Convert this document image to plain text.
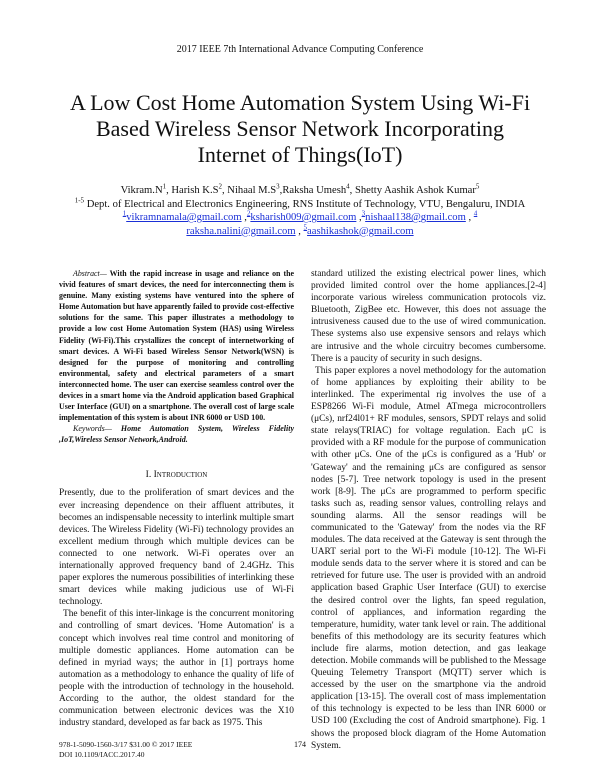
2017 IEEE 7th International Advance Computing Conference
A Low Cost Home Automation System Using Wi-Fi
Based Wireless Sensor Network Incorporating
Internet of Things(IoT)
$Vikram.N^1$, Harish $K.S^2$, Nihaal $M.S^3,Raksha$ Umesh$^4$, Shetty Aashik Ashok Kumar$^5$
$^{1-5}$ Dept. of Electrical and Electronics Engineering, RNS Institute of Technology, VTU, Bengaluru, INDIA
$^1$vikramnamala@gmail.com ,$^2$ksharish009@gmail.com ,$^3$nishaal138@gmail.com , $^4$
raksha.nalini@gmail.com , $^5$aashikashok@gmail.com

Abstract— With the rapid increase in usage and reliance on the vivid features of smart devices, the need for interconnecting them is genuine. Many existing systems have ventured into the sphere of Home Automation but have apparently failed to provide cost-effective solutions for the same. This paper illustrates a methodology to provide a low cost Home Automation System (HAS) using Wireless Fidelity (Wi-Fi).This crystallizes the concept of internetworking of smart devices. A Wi-Fi based Wireless Sensor Network(WSN) is designed for the purpose of monitoring and controlling environmental, safety and electrical parameters of a smart interconnected home. The user can exercise seamless control over the devices in a smart home via the Android application based Graphical User Interface (GUI) on a smartphone. The overall cost of large scale implementation of this system is about INR 6000 or USD 100.

Keywords— Home Automation System, Wireless Fidelity ,IoT,Wireless Sensor Network,Android.

I. Introduction

Presently, due to the proliferation of smart devices and the ever increasing dependence on their affluent attributes, it becomes an indispensable necessity to interlink multiple smart devices. The Wireless Fidelity (Wi-Fi) technology provides an excellent medium through which multiple devices can be connected to one network. Wi-Fi operates over an internationally approved frequency band of 2.4GHz. This paper explores the numerous possibilities of interlinking these smart devices while making judicious use of Wi-Fi technology.

The benefit of this inter-linkage is the concurrent monitoring and controlling of smart devices. 'Home Automation' is a concept which involves real time control and monitoring of multiple domestic appliances. Home automation can be defined in myriad ways; the author in [1] portrays home automation as a methodology to enhance the quality of life of people with the introduction of technology in the household. According to the author, the oldest standard for the communication between electronic devices was the X10 industry standard, developed as far back as 1975. This

standard utilized the existing electrical power lines, which provided limited control over the home appliances.[2-4] incorporate various wireless communication protocols viz. Bluetooth, ZigBee etc. However, this does not assuage the intrusiveness caused due to the use of wired communication. These systems also use expensive sensors and relays which are intrusive and the whole circuitry becomes cumbersome. There is a paucity of security in such designs.

This paper explores a novel methodology for the automation of home appliances by exploiting their ability to be interlinked. The experimental rig involves the use of a ESP8266 Wi-Fi module, Atmel ATmega microcontrollers (μCs), nrf24l01+ RF modules, sensors, SPDT relays and solid state relays(TRIAC) for voltage regulation. Each μC is provided with a RF module for the purpose of communication with other μCs. One of the μCs is configured as a 'Hub' or 'Gateway' and the remaining μCs are configured as sensor nodes [5-7]. Tree network topology is used in the present work [8-9]. The μCs are programmed to perform specific tasks such as, reading sensor values, controlling relays and sounding alarms. All the sensor readings will be communicated to the 'Gateway' from the nodes via the RF modules. The data received at the Gateway is sent through the UART serial port to the Wi-Fi module [10-12]. The Wi-Fi module sends data to the server where it is stored and can be retrieved for future use. The user is provided with an android application based Graphic User Interface (GUI) to exercise the desired control over the lights, fan speed regulation, control of appliances, and information regarding the temperature, humidity, water tank level or rain. The additional benefits of this methodology are its security features which include fire alarms, motion detection, and gas leakage detection. Mobile commands will be published to the Message Queuing Telemetry Transport (MQTT) server which is accessed by the user on the smartphone via the android application [13-15]. The overall cost of mass implementation of this technology is expected to be less than INR 6000 or USD 100 (Excluding the cost of Android smartphone). Fig. 1 shows the proposed block diagram of the Home Automation System.

978-1-5090-1560-3/17 $31.00 © 2017 IEEE
DOI 10.1109/IACC.2017.40
174
